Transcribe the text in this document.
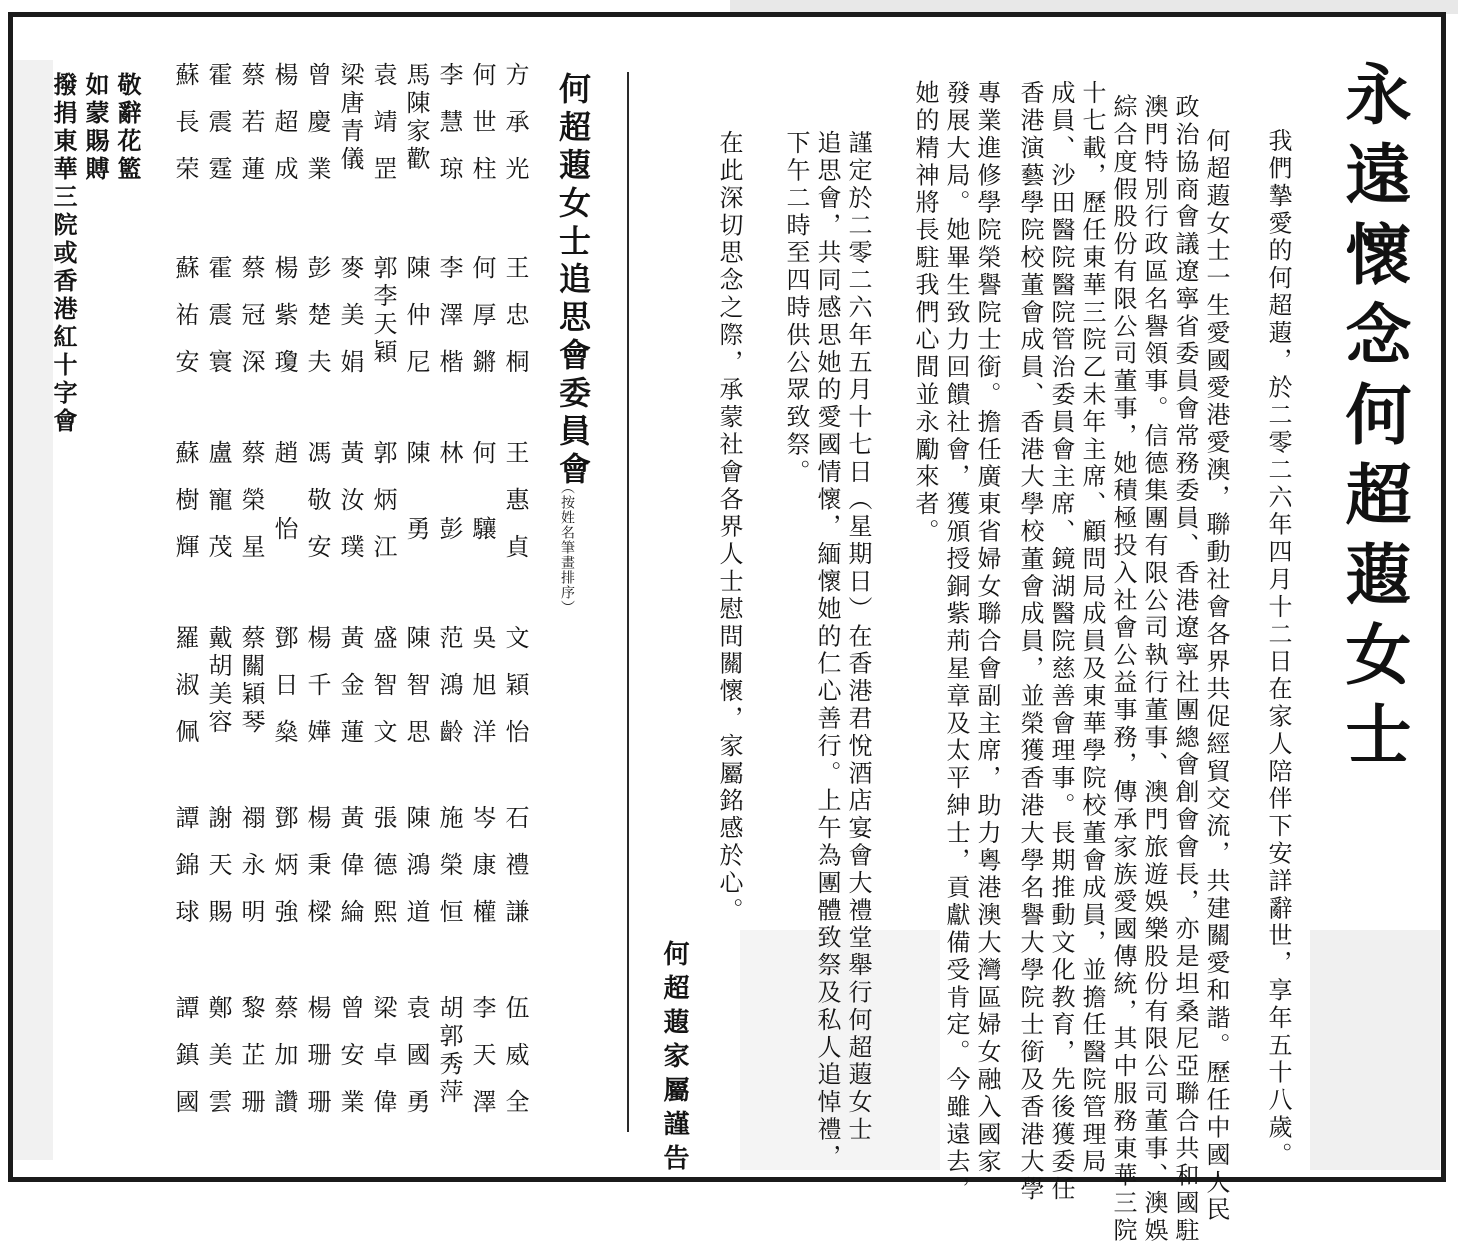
永遠懷念何超蕸女士
我們摯愛的何超蕸，於二零二六年四月十二日在家人陪伴下安詳辭世，享年五十八歲。
何超蕸女士一生愛國愛港愛澳，聯動社會各界共促經貿交流，共建關愛和諧。歷任中國人民
政治協商會議遼寧省委員會常務委員、香港遼寧社團總會創會會長，亦是坦桑尼亞聯合共和國駐
澳門特別行政區名譽領事。信德集團有限公司執行董事、澳門旅遊娛樂股份有限公司董事、澳娛
綜合度假股份有限公司董事，她積極投入社會公益事務，傳承家族愛國傳統，其中服務東華三院
十七載，歷任東華三院乙未年主席、顧問局成員及東華學院校董會成員，並擔任醫院管理局
成員、沙田醫院醫院管治委員會主席、鏡湖醫院慈善會理事。長期推動文化教育，先後獲委任
香港演藝學院校董會成員、香港大學校董會成員，並榮獲香港大學名譽大學院士銜及香港大學
專業進修學院榮譽院士銜。擔任廣東省婦女聯合會副主席，助力粵港澳大灣區婦女融入國家
發展大局。她畢生致力回饋社會，獲頒授銅紫荊星章及太平紳士，貢獻備受肯定。今雖遠去，
她的精神將長駐我們心間並永勵來者。
謹定於二零二六年五月十七日（星期日）在香港君悅酒店宴會大禮堂舉行何超蕸女士
追思會，共同感思她的愛國情懷，緬懷她的仁心善行。上午為團體致祭及私人追悼禮，
下午二時至四時供公眾致祭。
在此深切思念之際，承蒙社會各界人士慰問關懷，家屬銘感於心。
何超蕸家屬謹告
何超蕸女士追思會委員會
（按姓名筆畫排序）
方承光
王忠桐
王惠貞
文穎怡
石禮謙
伍威全
何世柱
何厚鏘
何驤
吳旭洋
岑康權
李天澤
李慧琼
李澤楷
林彭
范鴻齡
施榮恒
胡郭秀萍
馬陳家歡
陳仲尼
陳勇
陳智思
陳鴻道
袁國勇
袁靖罡
郭李天穎
郭炳江
盛智文
張德熙
梁卓偉
梁唐青儀
麥美娟
黃汝璞
黃金蓮
黃偉綸
曾安業
曾慶業
彭楚夫
馮敬安
楊千嬅
楊秉樑
楊珊珊
楊超成
楊紫瓊
趙怡
鄧日燊
鄧炳強
蔡加讚
蔡若蓮
蔡冠深
蔡榮星
蔡關穎琴
禤永明
黎芷珊
霍震霆
霍震寰
盧寵茂
戴胡美容
謝天賜
鄭美雲
蘇長荣
蘇祐安
蘇樹輝
羅淑佩
譚錦球
譚鎮國
敬辭花籃
如蒙賜賻
撥捐東華三院或香港紅十字會
